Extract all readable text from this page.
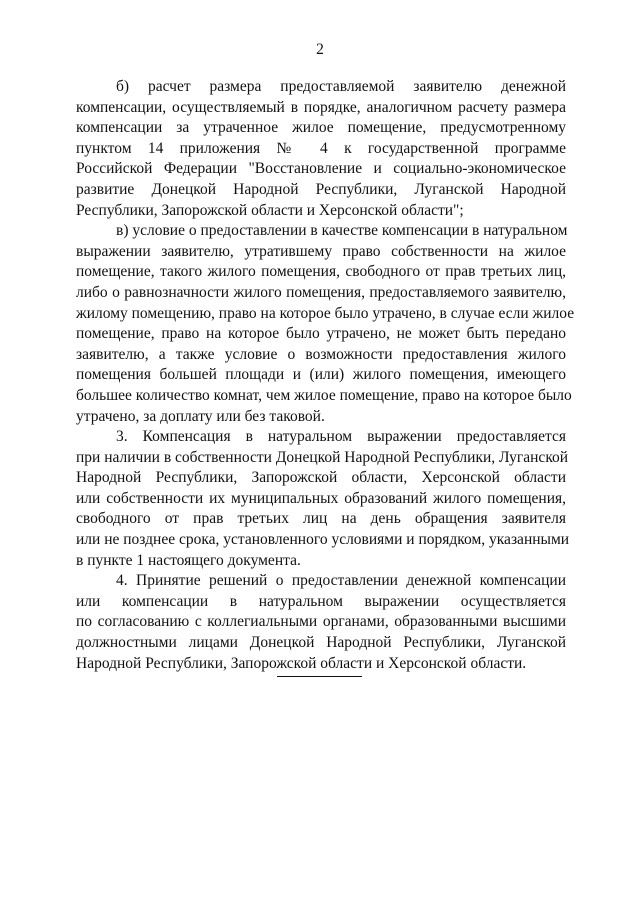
2
б) расчет размера предоставляемой заявителю денежной
компенсации, осуществляемый в порядке, аналогичном расчету размера
компенсации за утраченное жилое помещение, предусмотренному
пунктом 14 приложения № 4 к государственной программе
Российской Федерации "Восстановление и социально-экономическое
развитие Донецкой Народной Республики, Луганской Народной
Республики, Запорожской области и Херсонской области";
в) условие о предоставлении в качестве компенсации в натуральном
выражении заявителю, утратившему право собственности на жилое
помещение, такого жилого помещения, свободного от прав третьих лиц,
либо о равнозначности жилого помещения, предоставляемого заявителю,
жилому помещению, право на которое было утрачено, в случае если жилое
помещение, право на которое было утрачено, не может быть передано
заявителю, а также условие о возможности предоставления жилого
помещения большей площади и (или) жилого помещения, имеющего
большее количество комнат, чем жилое помещение, право на которое было
утрачено, за доплату или без таковой.
3. Компенсация в натуральном выражении предоставляется
при наличии в собственности Донецкой Народной Республики, Луганской
Народной Республики, Запорожской области, Херсонской области
или собственности их муниципальных образований жилого помещения,
свободного от прав третьих лиц на день обращения заявителя
или не позднее срока, установленного условиями и порядком, указанными
в пункте 1 настоящего документа.
4. Принятие решений о предоставлении денежной компенсации
или компенсации в натуральном выражении осуществляется
по согласованию с коллегиальными органами, образованными высшими
должностными лицами Донецкой Народной Республики, Луганской
Народной Республики, Запорожской области и Херсонской области.
